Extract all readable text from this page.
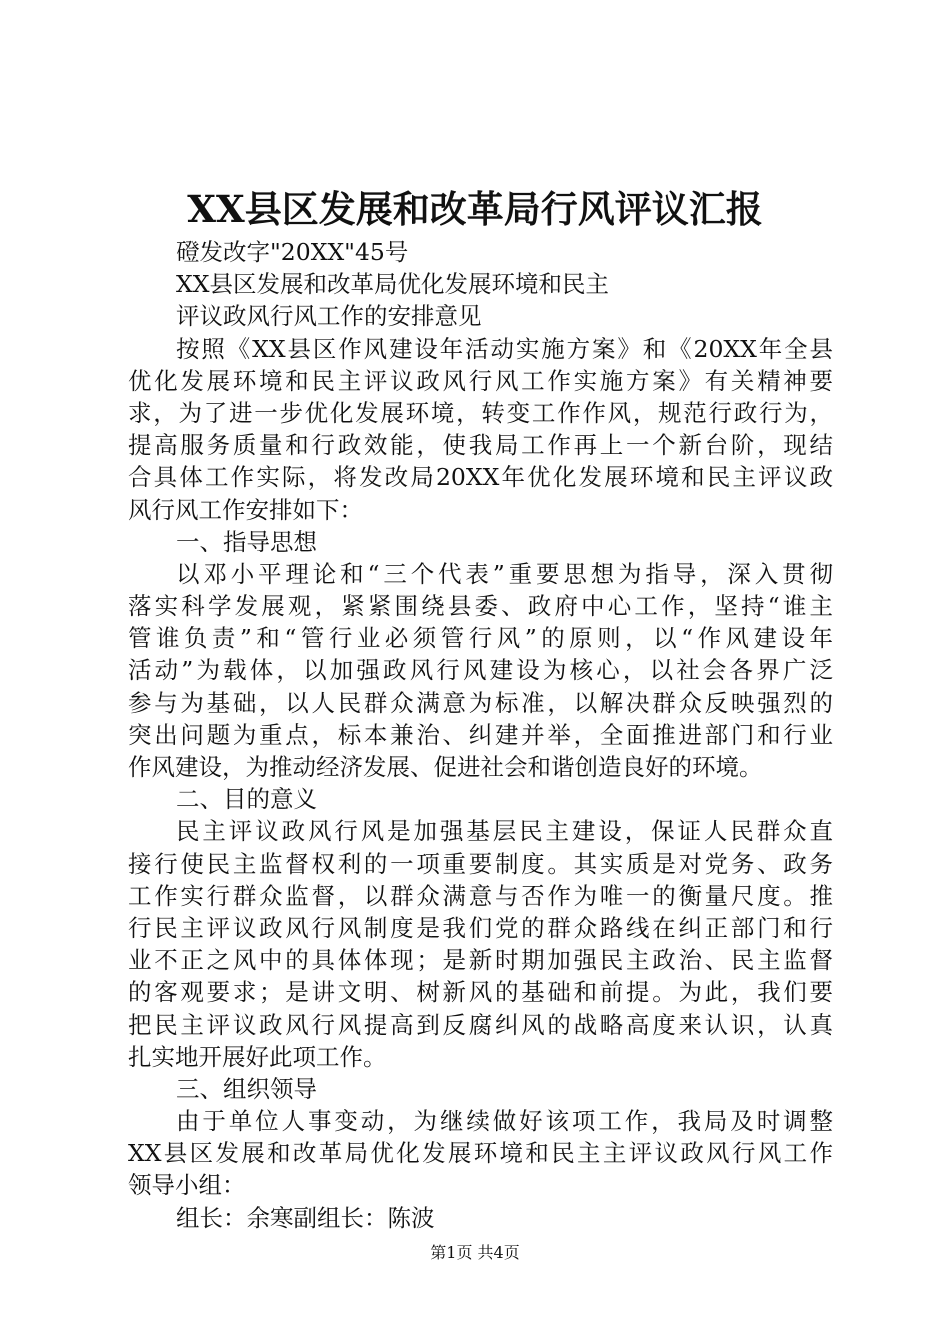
XX县区发展和改革局行风评议汇报
磴发改字"20XX"45号
XX县区发展和改革局优化发展环境和民主
评议政风行风工作的安排意见
按照《XX县区作风建设年活动实施方案》和《20XX年全县
优化发展环境和民主评议政风行风工作实施方案》有关精神要
求，为了进一步优化发展环境，转变工作作风，规范行政行为，
提高服务质量和行政效能，使我局工作再上一个新台阶，现结
合具体工作实际，将发改局20XX年优化发展环境和民主评议政
风行风工作安排如下：
一、指导思想
以邓小平理论和“三个代表”重要思想为指导，深入贯彻
落实科学发展观，紧紧围绕县委、政府中心工作，坚持“谁主
管谁负责”和“管行业必须管行风”的原则，以“作风建设年
活动”为载体，以加强政风行风建设为核心，以社会各界广泛
参与为基础，以人民群众满意为标准，以解决群众反映强烈的
突出问题为重点，标本兼治、纠建并举，全面推进部门和行业
作风建设，为推动经济发展、促进社会和谐创造良好的环境。
二、目的意义
民主评议政风行风是加强基层民主建设，保证人民群众直
接行使民主监督权利的一项重要制度。其实质是对党务、政务
工作实行群众监督，以群众满意与否作为唯一的衡量尺度。推
行民主评议政风行风制度是我们党的群众路线在纠正部门和行
业不正之风中的具体体现；是新时期加强民主政治、民主监督
的客观要求；是讲文明、树新风的基础和前提。为此，我们要
把民主评议政风行风提高到反腐纠风的战略高度来认识，认真
扎实地开展好此项工作。
三、组织领导
由于单位人事变动，为继续做好该项工作，我局及时调整
XX县区发展和改革局优化发展环境和民主主评议政风行风工作
领导小组：
组长：余寒副组长：陈波
第1页 共4页
